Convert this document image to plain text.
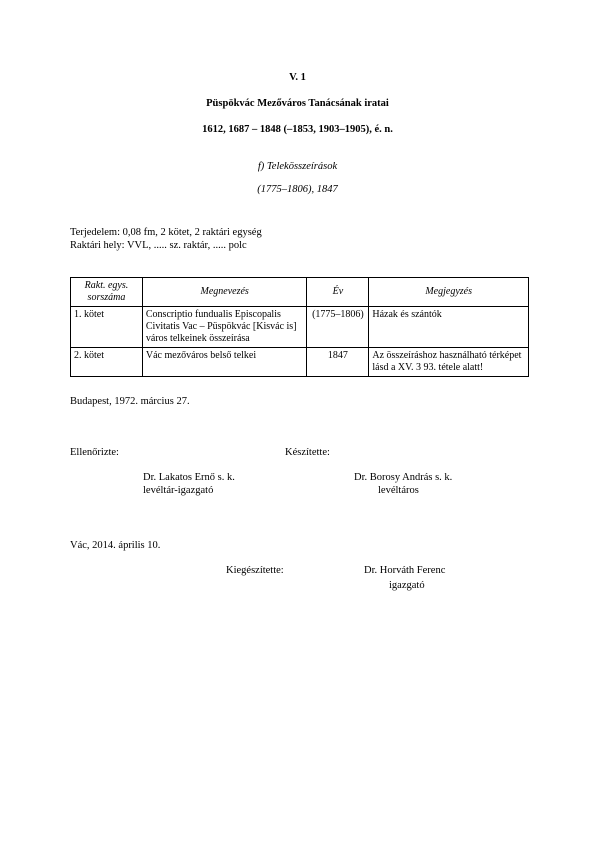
V. 1
Püspökvác Mezőváros Tanácsának iratai
1612, 1687 – 1848 (–1853, 1903–1905), é. n.
f) Telekösszeírások
(1775–1806), 1847
Terjedelem: 0,08 fm, 2 kötet, 2 raktári egység
Raktári hely: VVL, ..... sz. raktár, ..... polc
Rakt. egys.
sorszáma	Megnevezés	Év	Megjegyzés
1. kötet	Conscriptio fundualis Episcopalis Civitatis Vac – Püspökvác [Kisvác is] város telkeinek összeírása	(1775–1806)	Házak és szántók
2. kötet	Vác mezőváros belső telkei	1847	Az összeíráshoz használható térképet lásd a XV. 3 93. tétele alatt!
Budapest, 1972. március 27.
Ellenőrizte:	Készítette:
Dr. Lakatos Ernő s. k.
levéltár-igazgató
Dr. Borosy András s. k.
levéltáros
Vác, 2014. április 10.
Kiegészítette:	Dr. Horváth Ferenc
igazgató
